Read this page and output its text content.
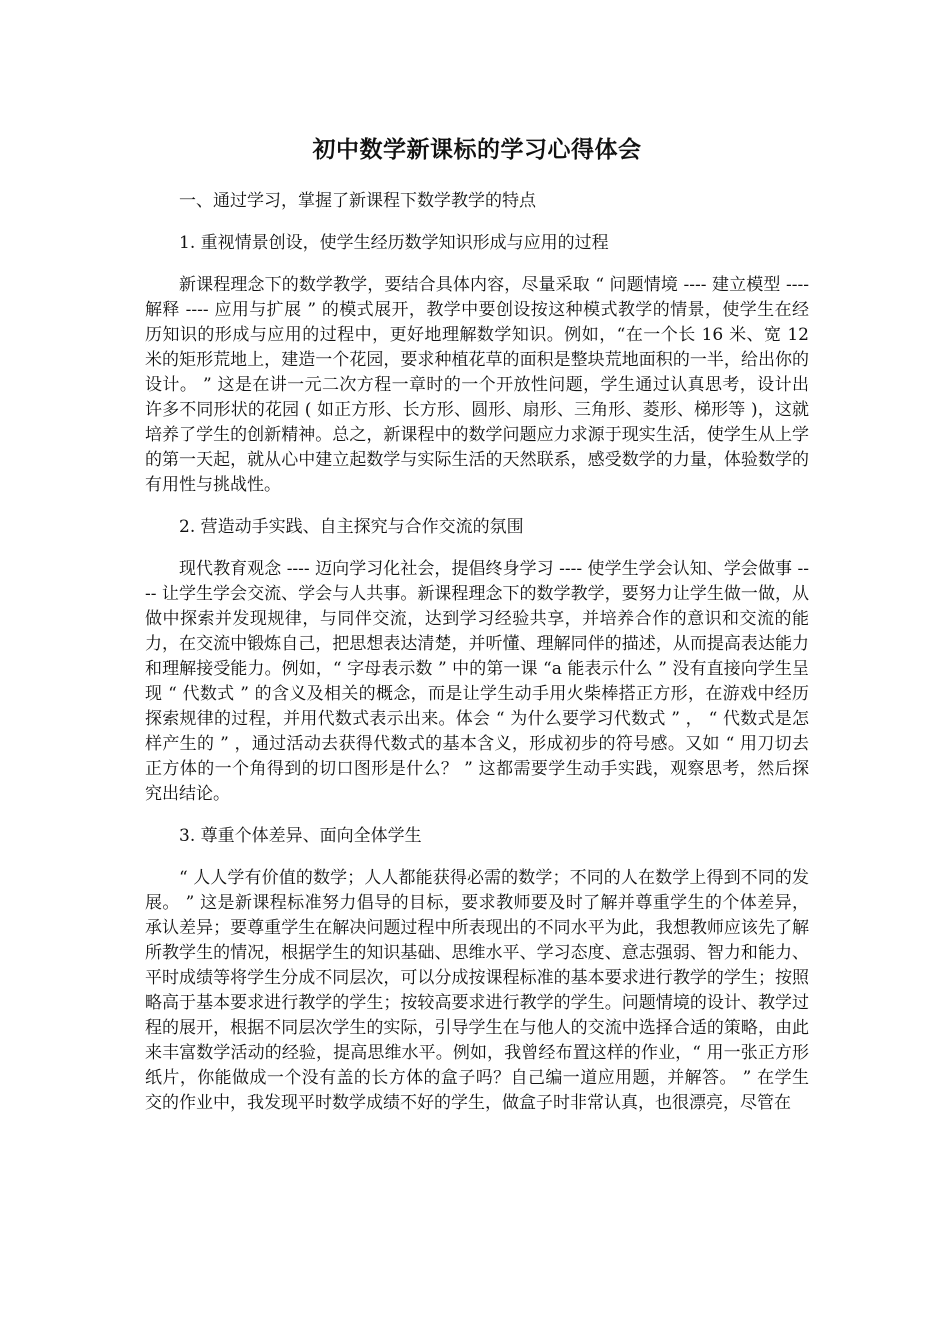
初中数学新课标的学习心得体会
一、通过学习，掌握了新课程下数学教学的特点
1. 重视情景创设，使学生经历数学知识形成与应用的过程
新课程理念下的数学教学，要结合具体内容，尽量采取 “ 问题情境 ---- 建立模型 ---- 解释 ---- 应用与扩展 ” 的模式展开，教学中要创设按这种模式教学的情景，使学生在经历知识的形成与应用的过程中，更好地理解数学知识。例如，“在一个长 16 米、宽 12 米的矩形荒地上，建造一个花园，要求种植花草的面积是整块荒地面积的一半，给出你的设计。 ” 这是在讲一元二次方程一章时的一个开放性问题，学生通过认真思考，设计出许多不同形状的花园 ( 如正方形、长方形、圆形、扇形、三角形、菱形、梯形等 )，这就培养了学生的创新精神。总之，新课程中的数学问题应力求源于现实生活，使学生从上学的第一天起，就从心中建立起数学与实际生活的天然联系，感受数学的力量，体验数学的有用性与挑战性。
2. 营造动手实践、自主探究与合作交流的氛围
现代教育观念 ---- 迈向学习化社会，提倡终身学习 ---- 使学生学会认知、学会做事 ---- 让学生学会交流、学会与人共事。新课程理念下的数学教学，要努力让学生做一做，从做中探索并发现规律，与同伴交流，达到学习经验共享，并培养合作的意识和交流的能力，在交流中锻炼自己，把思想表达清楚，并听懂、理解同伴的描述，从而提高表达能力和理解接受能力。例如，“ 字母表示数 ” 中的第一课 “a 能表示什么 ” 没有直接向学生呈现 “ 代数式 ” 的含义及相关的概念，而是让学生动手用火柴棒搭正方形，在游戏中经历探索规律的过程，并用代数式表示出来。体会 “ 为什么要学习代数式 ” ， “ 代数式是怎样产生的 ” ，通过活动去获得代数式的基本含义，形成初步的符号感。又如 “ 用刀切去正方体的一个角得到的切口图形是什么？ ” 这都需要学生动手实践，观察思考，然后探究出结论。
3. 尊重个体差异、面向全体学生
“ 人人学有价值的数学；人人都能获得必需的数学；不同的人在数学上得到不同的发展。 ” 这是新课程标准努力倡导的目标，要求教师要及时了解并尊重学生的个体差异，承认差异；要尊重学生在解决问题过程中所表现出的不同水平为此，我想教师应该先了解所教学生的情况，根据学生的知识基础、思维水平、学习态度、意志强弱、智力和能力、平时成绩等将学生分成不同层次，可以分成按课程标准的基本要求进行教学的学生；按照略高于基本要求进行教学的学生；按较高要求进行教学的学生。问题情境的设计、教学过程的展开，根据不同层次学生的实际，引导学生在与他人的交流中选择合适的策略，由此来丰富数学活动的经验，提高思维水平。例如，我曾经布置这样的作业，“ 用一张正方形纸片，你能做成一个没有盖的长方体的盒子吗？自己编一道应用题，并解答。 ” 在学生交的作业中，我发现平时数学成绩不好的学生，做盒子时非常认真，也很漂亮，尽管在
